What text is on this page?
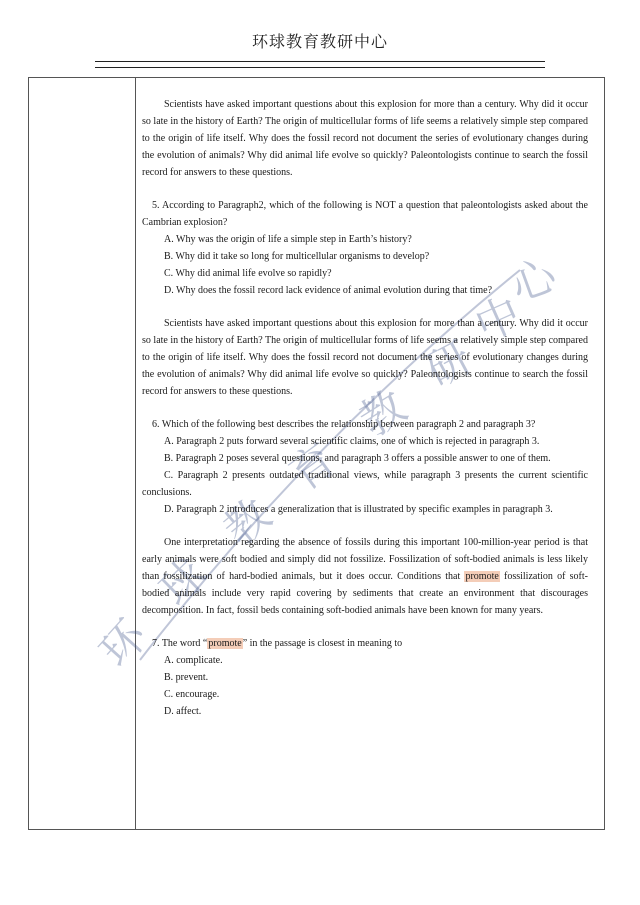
环球教育教研中心
环
球
教
育
教
研
中
心

Scientists have asked important questions about this explosion for more than a century. Why did it occur so late in the history of Earth? The origin of multicellular forms of life seems a relatively simple step compared to the origin of life itself. Why does the fossil record not document the series of evolutionary changes during the evolution of animals? Why did animal life evolve so quickly? Paleontologists continue to search the fossil record for answers to these questions.

5. According to Paragraph2, which of the following is NOT a question that paleontologists asked about the Cambrian explosion?

A. Why was the origin of life a simple step in Earth’s history?

B. Why did it take so long for multicellular organisms to develop?

C. Why did animal life evolve so rapidly?

D. Why does the fossil record lack evidence of animal evolution during that time?

Scientists have asked important questions about this explosion for more than a century. Why did it occur so late in the history of Earth? The origin of multicellular forms of life seems a relatively simple step compared to the origin of life itself. Why does the fossil record not document the series of evolutionary changes during the evolution of animals? Why did animal life evolve so quickly? Paleontologists continue to search the fossil record for answers to these questions.

6. Which of the following best describes the relationship between paragraph 2 and paragraph 3?

A. Paragraph 2 puts forward several scientific claims, one of which is rejected in paragraph 3.

B. Paragraph 2 poses several questions, and paragraph 3 offers a possible answer to one of them.

C. Paragraph 2 presents outdated traditional views, while paragraph 3 presents the current scientific conclusions.

D. Paragraph 2 introduces a generalization that is illustrated by specific examples in paragraph 3.

One interpretation regarding the absence of fossils during this important 100-million-year period is that early animals were soft bodied and simply did not fossilize. Fossilization of soft-bodied animals is less likely than fossilization of hard-bodied animals, but it does occur. Conditions that promote fossilization of soft-bodied animals include very rapid covering by sediments that create an environment that discourages decomposition. In fact, fossil beds containing soft-bodied animals have been known for many years.

7. The word “promote” in the passage is closest in meaning to

A. complicate.

B. prevent.

C. encourage.

D. affect.
